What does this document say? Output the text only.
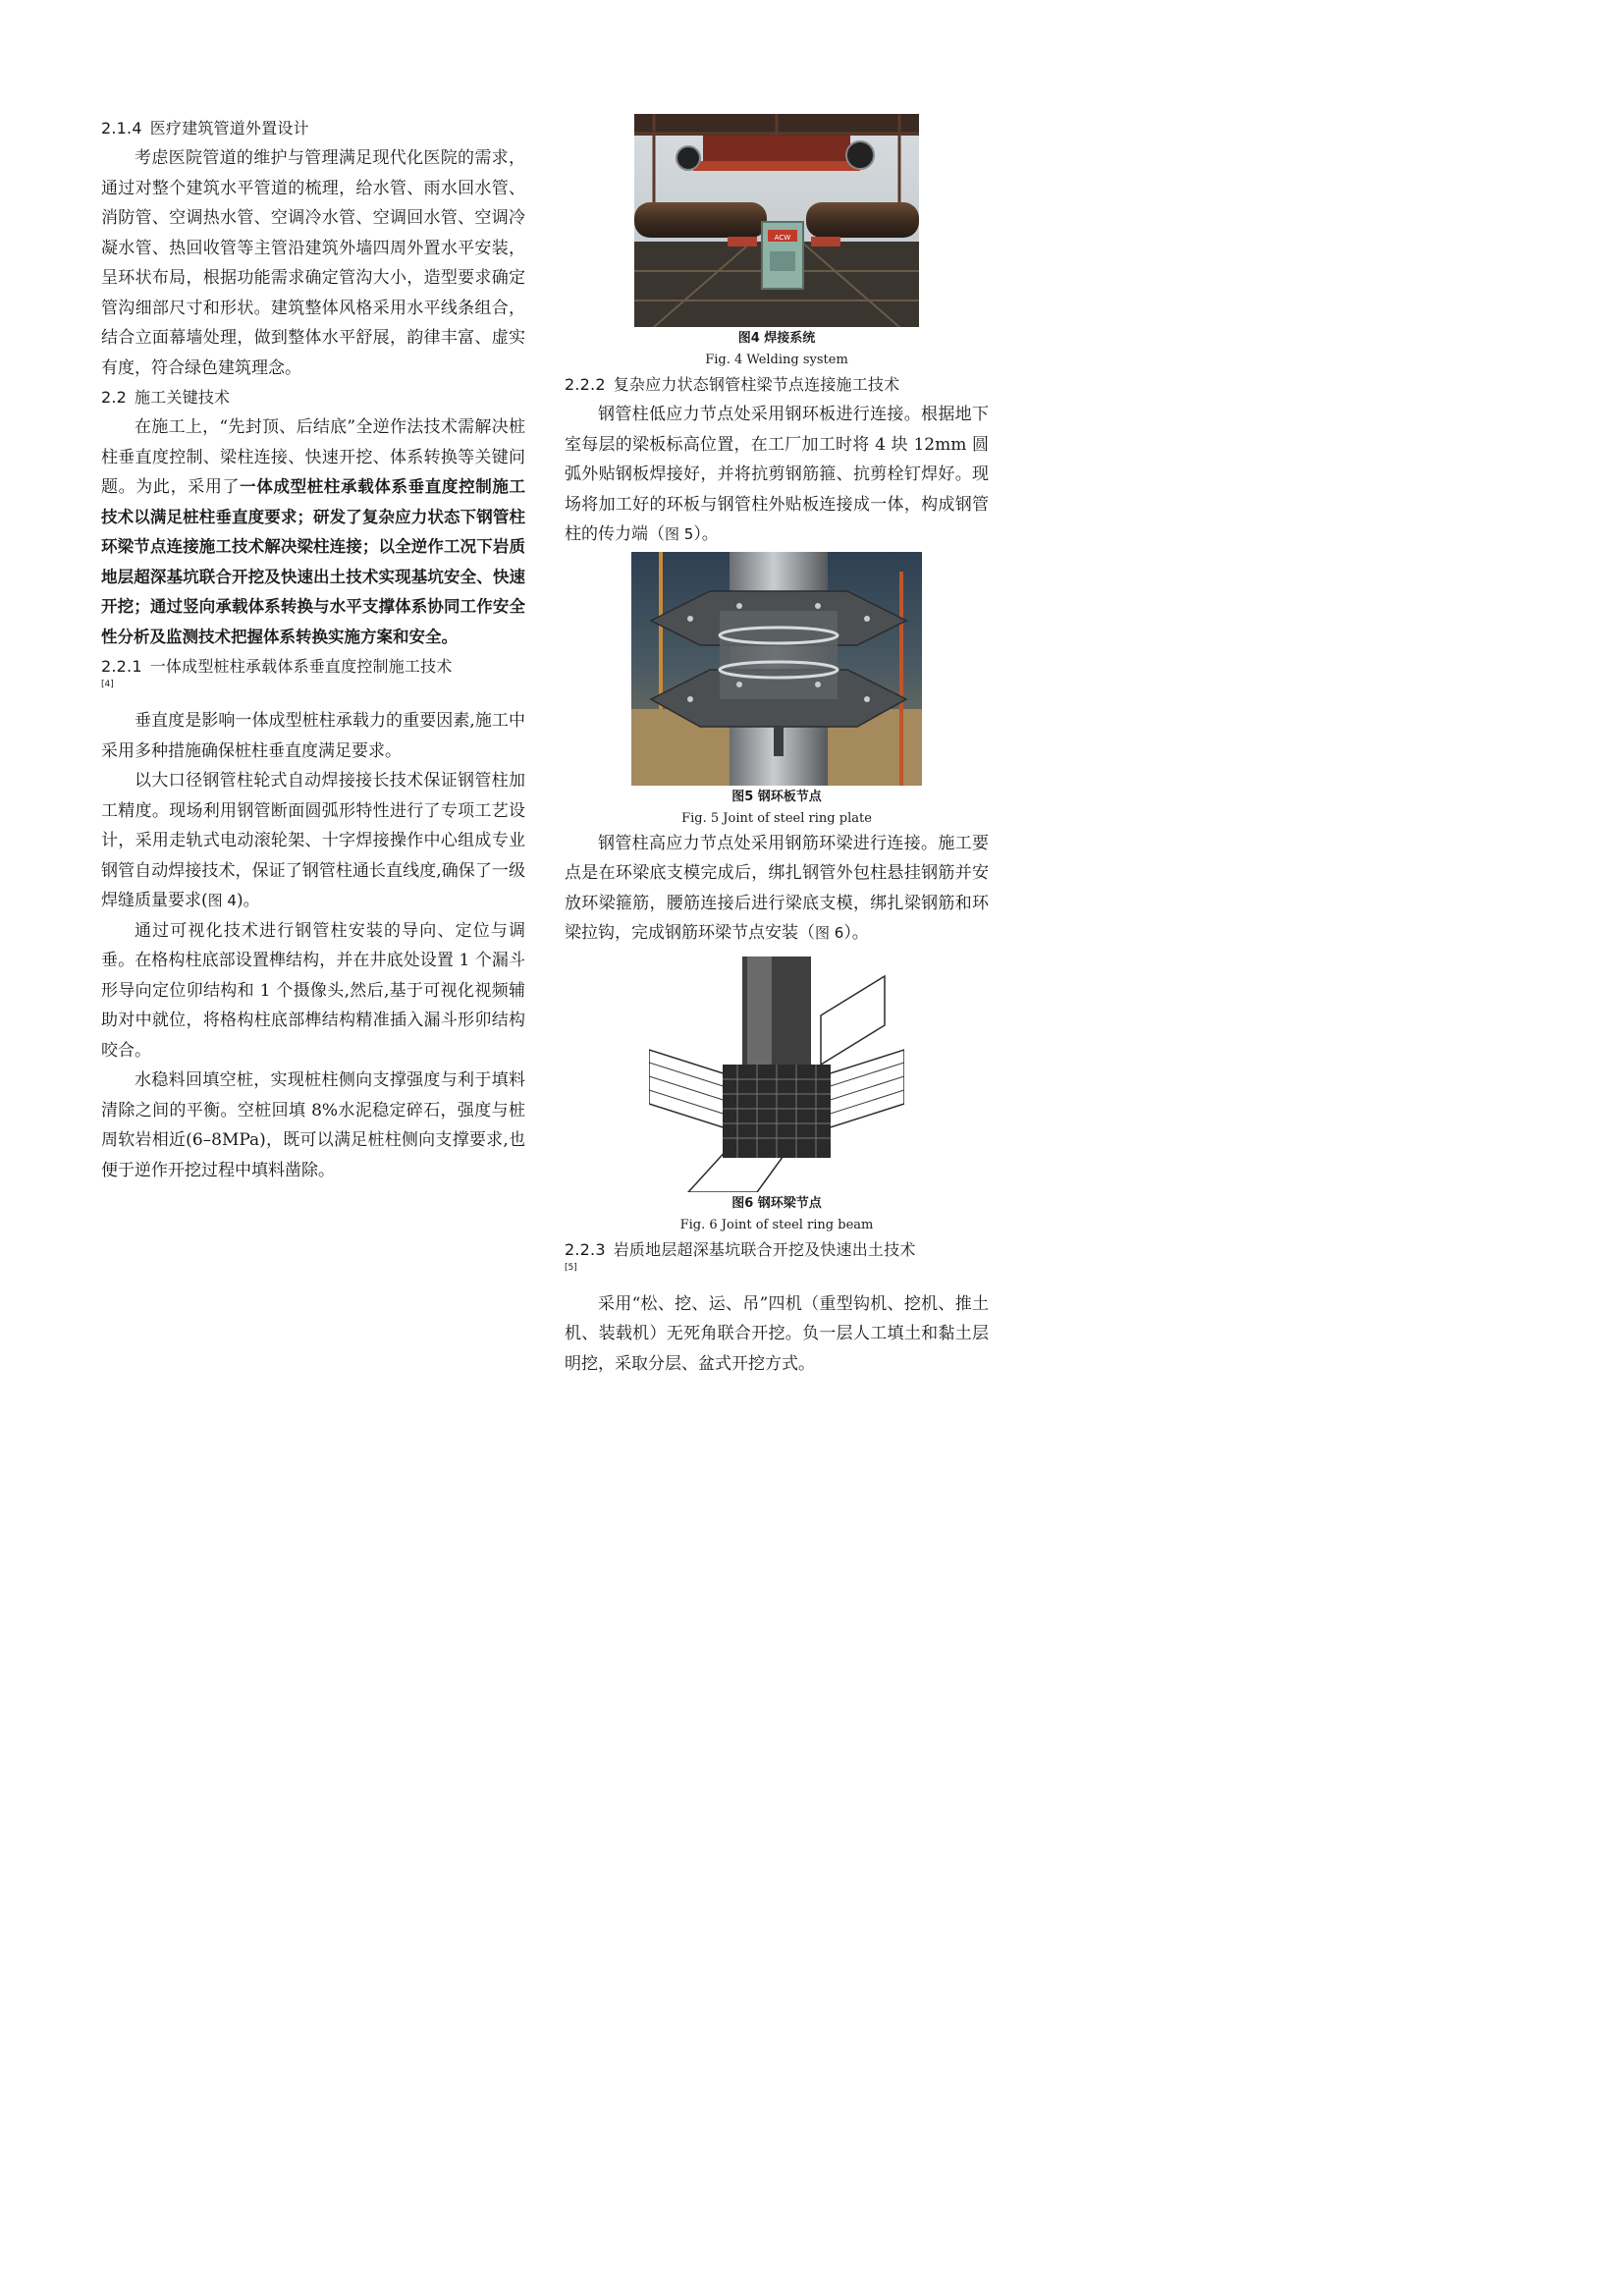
2.1.4 医疗建筑管道外置设计

考虑医院管道的维护与管理满足现代化医院的需求，通过对整个建筑水平管道的梳理，给水管、雨水回水管、消防管、空调热水管、空调冷水管、空调回水管、空调冷凝水管、热回收管等主管沿建筑外墙四周外置水平安装，呈环状布局，根据功能需求确定管沟大小，造型要求确定管沟细部尺寸和形状。建筑整体风格采用水平线条组合，结合立面幕墙处理，做到整体水平舒展，韵律丰富、虚实有度，符合绿色建筑理念。

2.2 施工关键技术

在施工上，“先封顶、后结底”全逆作法技术需解决桩柱垂直度控制、梁柱连接、快速开挖、体系转换等关键问题。为此，采用了一体成型桩柱承载体系垂直度控制施工技术以满足桩柱垂直度要求；研发了复杂应力状态下钢管柱环梁节点连接施工技术解决梁柱连接；以全逆作工况下岩质地层超深基坑联合开挖及快速出土技术实现基坑安全、快速开挖；通过竖向承载体系转换与水平支撑体系协同工作安全性分析及监测技术把握体系转换实施方案和安全。

2.2.1 一体成型桩柱承载体系垂直度控制施工技术
[4]

垂直度是影响一体成型桩柱承载力的重要因素,施工中采用多种措施确保桩柱垂直度满足要求。

以大口径钢管柱轮式自动焊接接长技术保证钢管柱加工精度。现场利用钢管断面圆弧形特性进行了专项工艺设计，采用走轨式电动滚轮架、十字焊接操作中心组成专业钢管自动焊接技术，保证了钢管柱通长直线度,确保了一级焊缝质量要求(图 4)。

通过可视化技术进行钢管柱安装的导向、定位与调垂。在格构柱底部设置榫结构，并在井底处设置 1 个漏斗形导向定位卯结构和 1 个摄像头,然后,基于可视化视频辅助对中就位，将格构柱底部榫结构精准插入漏斗形卯结构咬合。

水稳料回填空桩，实现桩柱侧向支撑强度与利于填料清除之间的平衡。空桩回填 8%水泥稳定碎石，强度与桩周软岩相近(6–8MPa)，既可以满足桩柱侧向支撑要求,也便于逆作开挖过程中填料凿除。

ACW
图4 焊接系统
Fig. 4 Welding system
2.2.2 复杂应力状态钢管柱梁节点连接施工技术

钢管柱低应力节点处采用钢环板进行连接。根据地下室每层的梁板标高位置，在工厂加工时将 4 块 12mm 圆弧外贴钢板焊接好，并将抗剪钢筋箍、抗剪栓钉焊好。现场将加工好的环板与钢管柱外贴板连接成一体，构成钢管柱的传力端（图 5）。

图5 钢环板节点
Fig. 5 Joint of steel ring plate

钢管柱高应力节点处采用钢筋环梁进行连接。施工要点是在环梁底支模完成后，绑扎钢管外包柱悬挂钢筋并安放环梁箍筋，腰筋连接后进行梁底支模，绑扎梁钢筋和环梁拉钩，完成钢筋环梁节点安装（图 6）。

图6 钢环梁节点
Fig. 6 Joint of steel ring beam
2.2.3 岩质地层超深基坑联合开挖及快速出土技术
[5]

采用“松、挖、运、吊”四机（重型钩机、挖机、推土机、装载机）无死角联合开挖。负一层人工填土和黏土层明挖，采取分层、盆式开挖方式。
